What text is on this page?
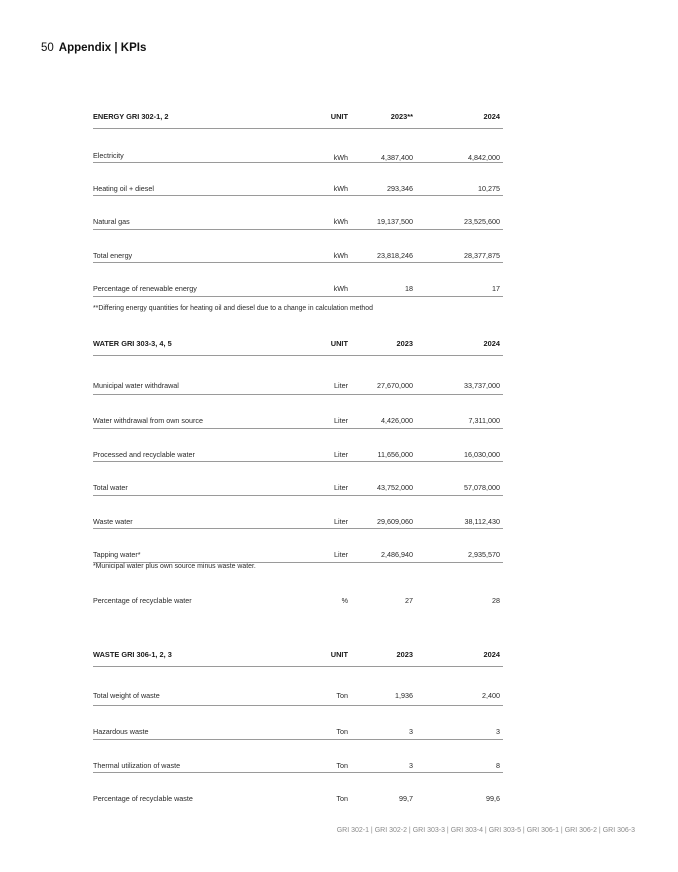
50 Appendix | KPIs
ENERGY GRI 302-1, 2	UNIT	2023**	2024
Electricity	kWh	4,387,400	4,842,000
Heating oil + diesel	kWh	293,346	10,275
Natural gas	kWh	19,137,500	23,525,600
Total energy	kWh	23,818,246	28,377,875
Percentage of renewable energy	kWh	18	17
**Differing energy quantities for heating oil and diesel due to a change in calculation method
WATER GRI 303-3, 4, 5	UNIT	2023	2024
Municipal water withdrawal	Liter	27,670,000	33,737,000
Water withdrawal from own source	Liter	4,426,000	7,311,000
Processed and recyclable water	Liter	11,656,000	16,030,000
Total water	Liter	43,752,000	57,078,000
Waste water	Liter	29,609,060	38,112,430
Tapping water*	Liter	2,486,940	2,935,570
*Municipal water plus own source minus waste water.
Percentage of recyclable water	%	27	28
WASTE GRI 306-1, 2, 3	UNIT	2023	2024
Total weight of waste	Ton	1,936	2,400
Hazardous waste	Ton	3	3
Thermal utilization of waste	Ton	3	8
Percentage of recyclable waste	Ton	99,7	99,6
GRI 302-1 | GRI 302-2 | GRI 303-3 | GRI 303-4 | GRI 303-5 | GRI 306-1 | GRI 306-2 | GRI 306-3
